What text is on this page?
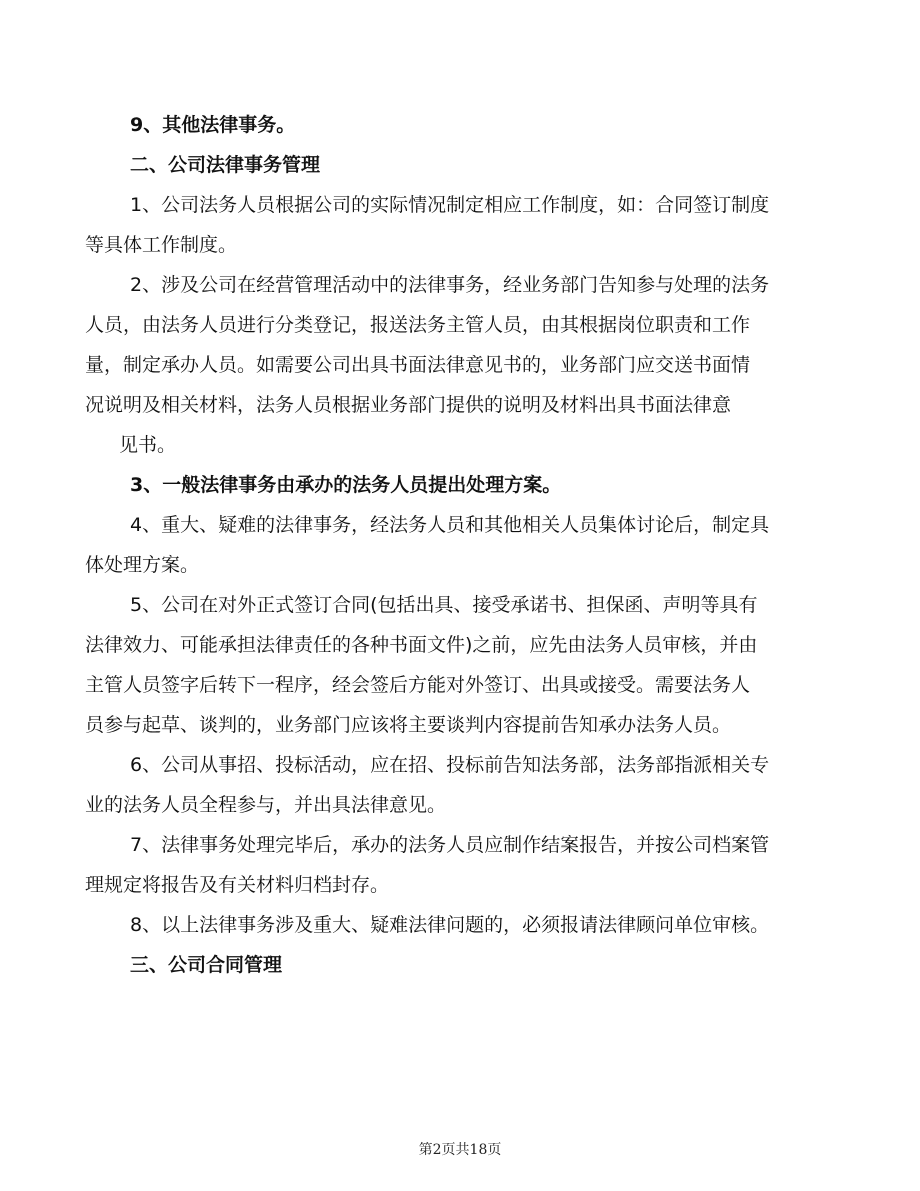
9、其他法律事务。
二、公司法律事务管理
1、公司法务人员根据公司的实际情况制定相应工作制度，如：合同签订制度
等具体工作制度。
2、涉及公司在经营管理活动中的法律事务，经业务部门告知参与处理的法务
人员，由法务人员进行分类登记，报送法务主管人员，由其根据岗位职责和工作
量，制定承办人员。如需要公司出具书面法律意见书的，业务部门应交送书面情
况说明及相关材料，法务人员根据业务部门提供的说明及材料出具书面法律意
见书。
3、一般法律事务由承办的法务人员提出处理方案。
4、重大、疑难的法律事务，经法务人员和其他相关人员集体讨论后，制定具
体处理方案。
5、公司在对外正式签订合同(包括出具、接受承诺书、担保函、声明等具有
法律效力、可能承担法律责任的各种书面文件)之前，应先由法务人员审核，并由
主管人员签字后转下一程序，经会签后方能对外签订、出具或接受。需要法务人
员参与起草、谈判的，业务部门应该将主要谈判内容提前告知承办法务人员。
6、公司从事招、投标活动，应在招、投标前告知法务部，法务部指派相关专
业的法务人员全程参与，并出具法律意见。
7、法律事务处理完毕后，承办的法务人员应制作结案报告，并按公司档案管
理规定将报告及有关材料归档封存。
8、以上法律事务涉及重大、疑难法律问题的，必须报请法律顾问单位审核。
三、公司合同管理
第2页共18页
